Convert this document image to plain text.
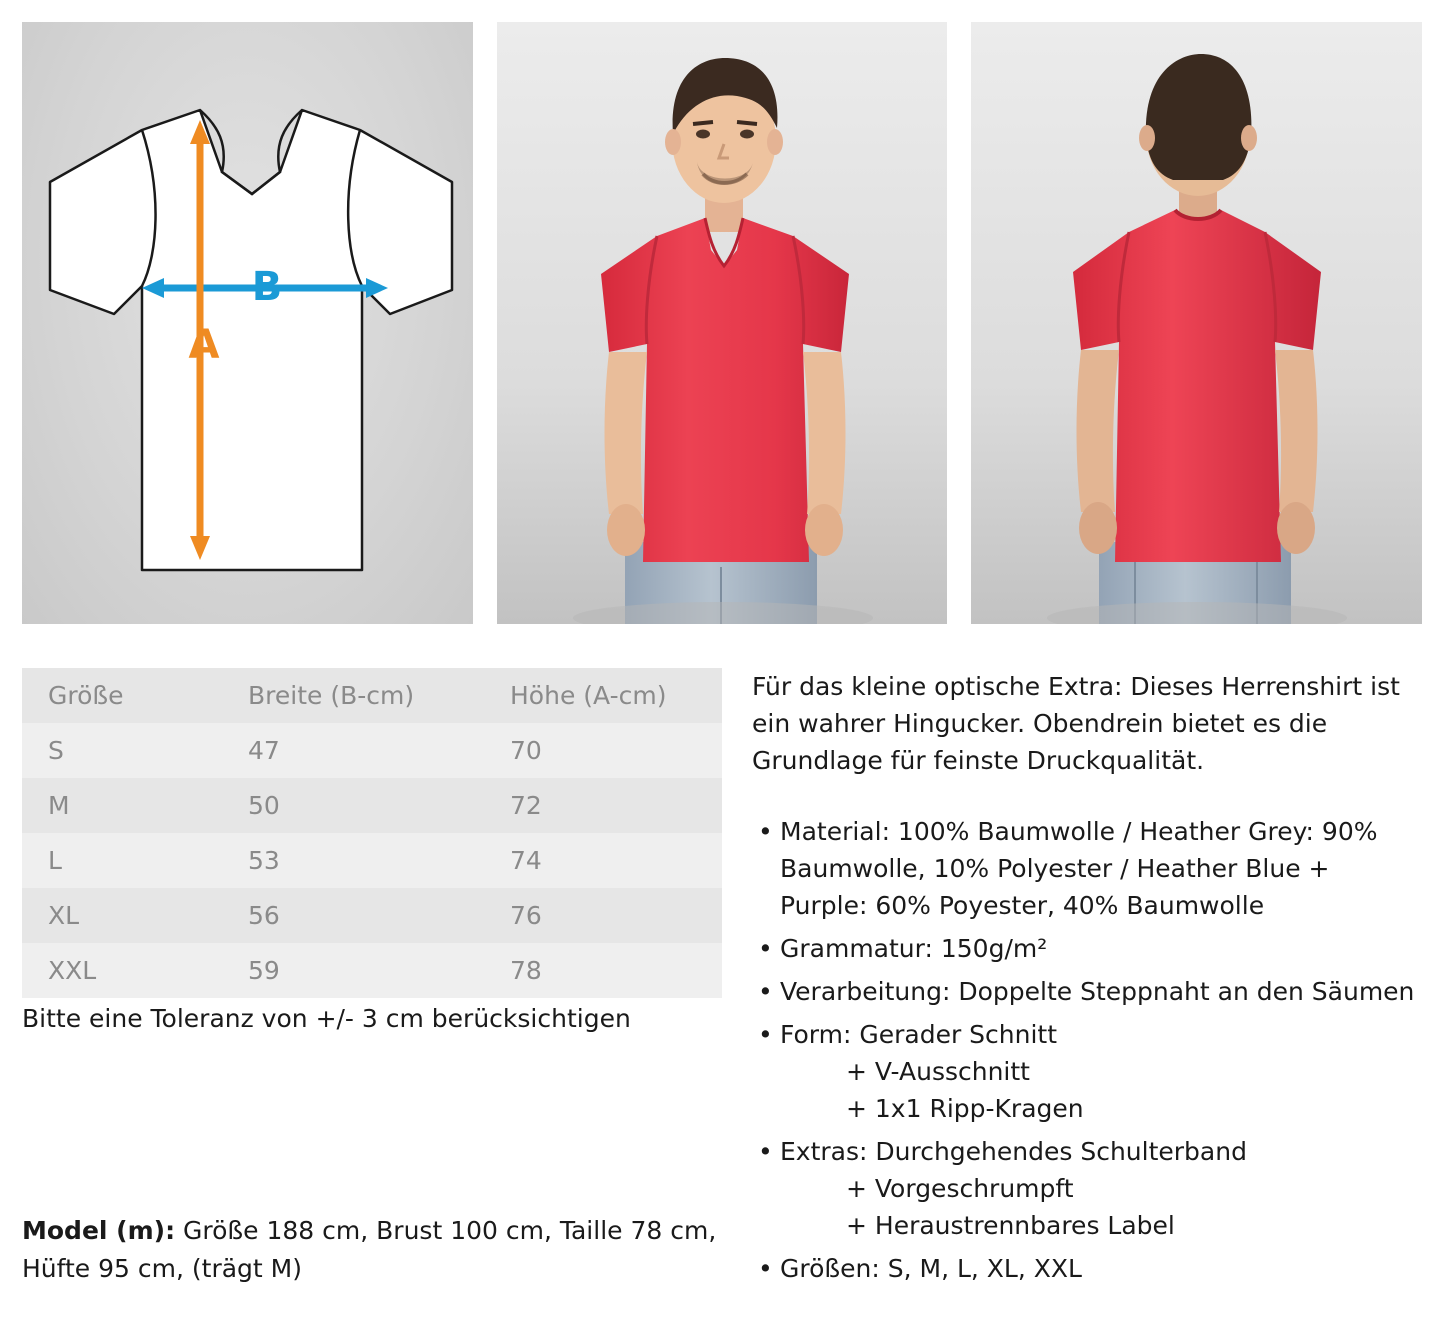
B
A
Größe	Breite (B-cm)	Höhe (A-cm)
S	47	70
M	50	72
L	53	74
XL	56	76
XXL	59	78
Bitte eine Toleranz von +/- 3 cm berücksichtigen
Model (m): Größe 188 cm, Brust 100 cm, Taille 78 cm, Hüfte 95 cm, (trägt M)

Für das kleine optische Extra: Dieses Herrenshirt ist ein wahrer Hingucker. Obendrein bietet es die Grundlage für feinste Druckqualität.

• Material: 100% Baumwolle / Heather Grey: 90% Baumwolle, 10% Polyester / Heather Blue + Purple: 60% Poyester, 40% Baumwolle
• Grammatur: 150g/m²
• Verarbeitung: Doppelte Steppnaht an den Säumen
• Form: Gerader Schnitt
+ V-Ausschnitt
+ 1x1 Ripp-Kragen
• Extras: Durchgehendes Schulterband
+ Vorgeschrumpft
+ Heraustrennbares Label
• Größen: S, M, L, XL, XXL
